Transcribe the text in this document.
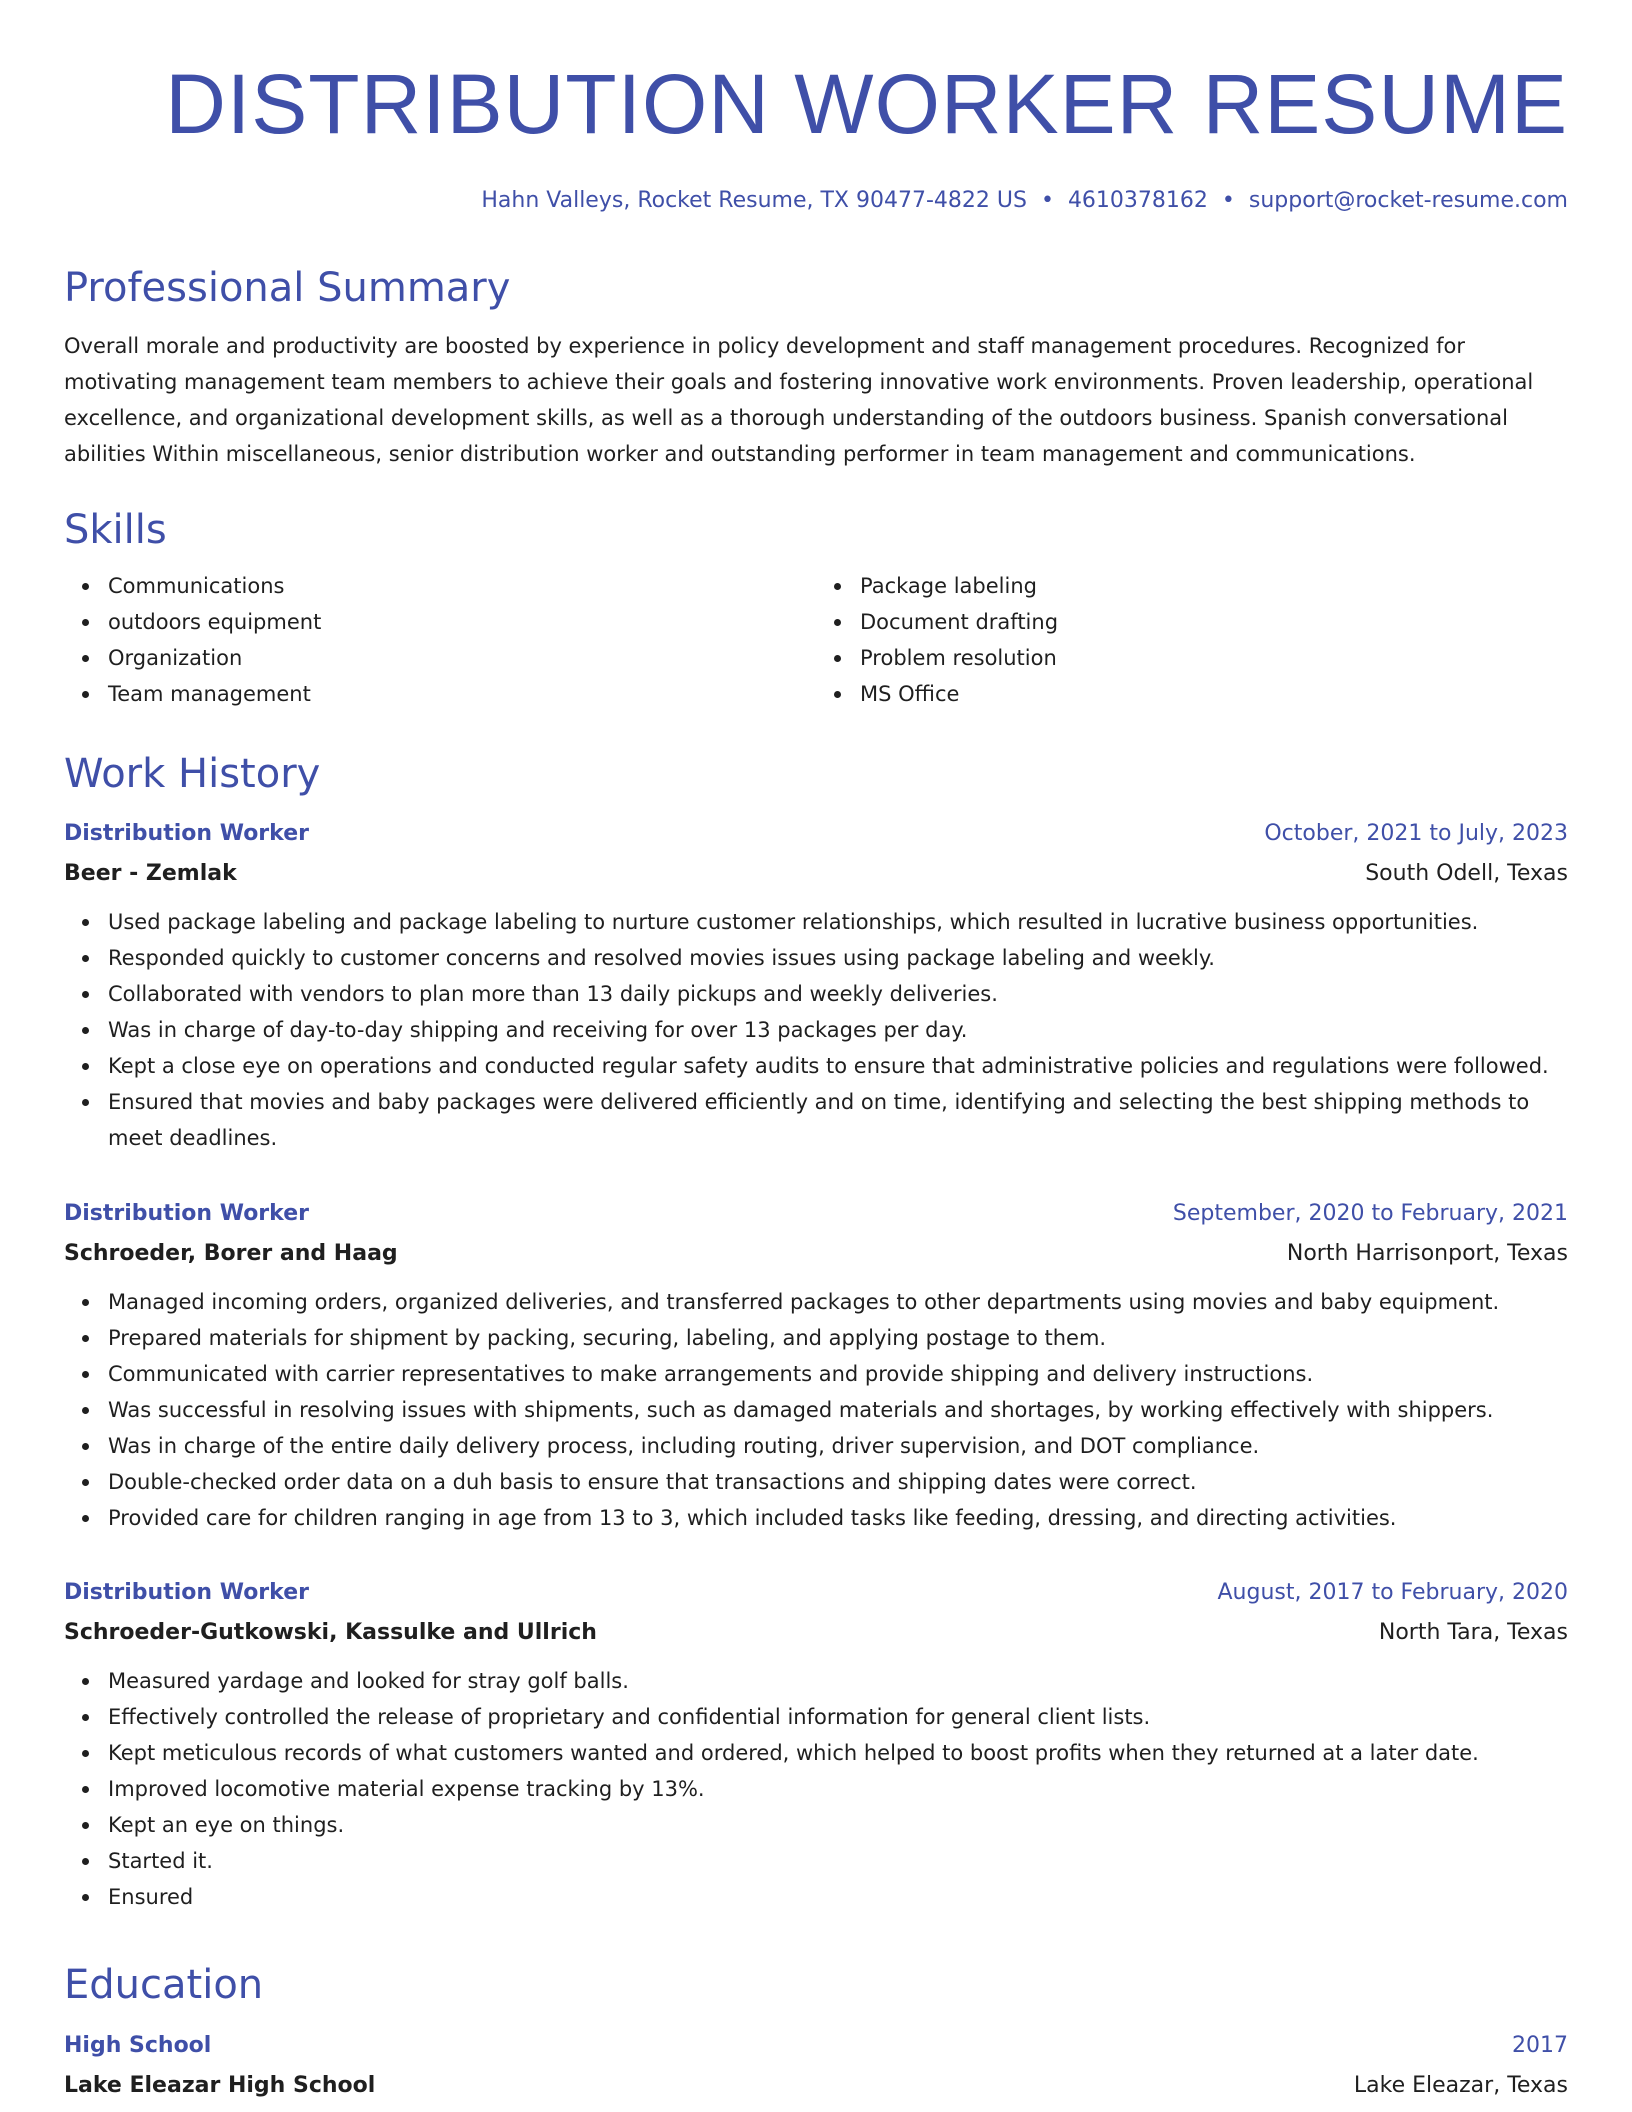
DISTRIBUTION WORKER RESUME
Hahn Valleys, Rocket Resume, TX 90477-4822 US • 4610378162 • support@rocket-resume.com
Professional Summary

Overall morale and productivity are boosted by experience in policy development and staff management procedures. Recognized for motivating management team members to achieve their goals and fostering innovative work environments. Proven leadership, operational excellence, and organizational development skills, as well as a thorough understanding of the outdoors business. Spanish conversational abilities Within miscellaneous, senior distribution worker and outstanding performer in team management and communications.

Skills
Communications
outdoors equipment
Organization
Team management
Package labeling
Document drafting
Problem resolution
MS Office
Work History
Distribution Worker	October, 2021 to July, 2023
Beer - Zemlak	South Odell, Texas
Used package labeling and package labeling to nurture customer relationships, which resulted in lucrative business opportunities.
Responded quickly to customer concerns and resolved movies issues using package labeling and weekly.
Collaborated with vendors to plan more than 13 daily pickups and weekly deliveries.
Was in charge of day-to-day shipping and receiving for over 13 packages per day.
Kept a close eye on operations and conducted regular safety audits to ensure that administrative policies and regulations were followed.
Ensured that movies and baby packages were delivered efficiently and on time, identifying and selecting the best shipping methods to meet deadlines.
Distribution Worker	September, 2020 to February, 2021
Schroeder, Borer and Haag	North Harrisonport, Texas
Managed incoming orders, organized deliveries, and transferred packages to other departments using movies and baby equipment.
Prepared materials for shipment by packing, securing, labeling, and applying postage to them.
Communicated with carrier representatives to make arrangements and provide shipping and delivery instructions.
Was successful in resolving issues with shipments, such as damaged materials and shortages, by working effectively with shippers.
Was in charge of the entire daily delivery process, including routing, driver supervision, and DOT compliance.
Double-checked order data on a duh basis to ensure that transactions and shipping dates were correct.
Provided care for children ranging in age from 13 to 3, which included tasks like feeding, dressing, and directing activities.
Distribution Worker	August, 2017 to February, 2020
Schroeder-Gutkowski, Kassulke and Ullrich	North Tara, Texas
Measured yardage and looked for stray golf balls.
Effectively controlled the release of proprietary and confidential information for general client lists.
Kept meticulous records of what customers wanted and ordered, which helped to boost profits when they returned at a later date.
Improved locomotive material expense tracking by 13%.
Kept an eye on things.
Started it.
Ensured
Education
High School	2017
Lake Eleazar High School	Lake Eleazar, Texas
